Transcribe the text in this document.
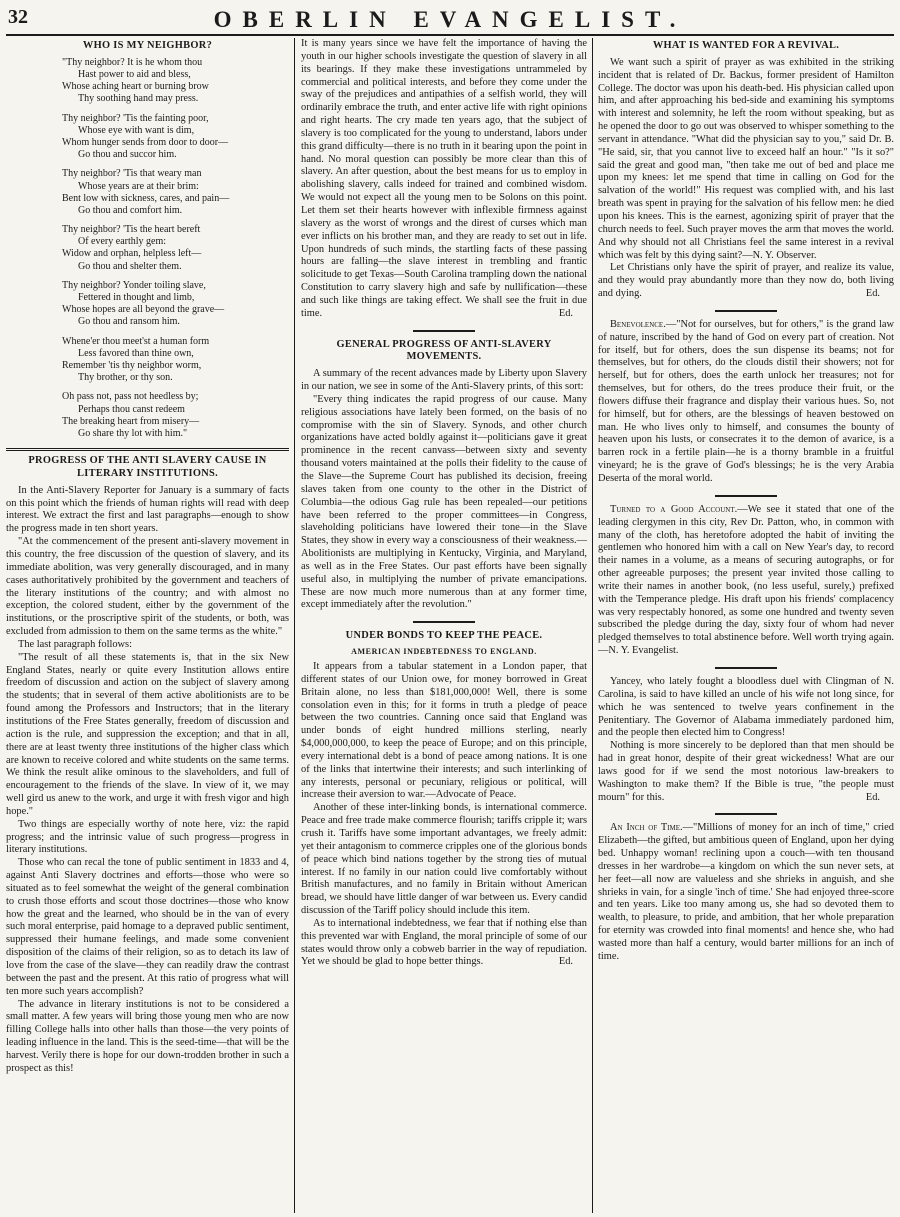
32	OBERLIN EVANGELIST.
WHO IS MY NEIGHBOR?
"Thy neighbor? It is he whom thou
Hast power to aid and bless,
Whose aching heart or burning brow
Thy soothing hand may press.
Thy neighbor? 'Tis the fainting poor,
Whose eye with want is dim,
Whom hunger sends from door to door—
Go thou and succor him.
Thy neighbor? 'Tis that weary man
Whose years are at their brim:
Bent low with sickness, cares, and pain—
Go thou and comfort him.
Thy neighbor? 'Tis the heart bereft
Of every earthly gem:
Widow and orphan, helpless left—
Go thou and shelter them.
Thy neighbor? Yonder toiling slave,
Fettered in thought and limb,
Whose hopes are all beyond the grave—
Go thou and ransom him.
Whene'er thou meet'st a human form
Less favored than thine own,
Remember 'tis thy neighbor worm,
Thy brother, or thy son.
Oh pass not, pass not heedless by;
Perhaps thou canst redeem
The breaking heart from misery—
Go share thy lot with him."
PROGRESS OF THE ANTI SLAVERY CAUSE IN LITERARY INSTITUTIONS.

In the Anti-Slavery Reporter for January is a summary of facts on this point which the friends of human rights will read with deep interest. We extract the first and last paragraphs—enough to show the progress made in ten short years.

"At the commencement of the present anti-slavery movement in this country, the free discussion of the question of slavery, and its immediate abolition, was very generally discouraged, and in many cases authoritatively prohibited by the government and teachers of the literary institutions of the country; and with almost no exception, the colored student, either by the government of the institutions, or the proscriptive spirit of the students, or both, was excluded from admission to them on the same terms as the white."

The last paragraph follows:

"The result of all these statements is, that in the six New England States, nearly or quite every Institution allows entire freedom of discussion and action on the subject of slavery among the students; that in several of them active abolitionists are to be found among the Professors and Instructors; that in the literary institutions of the Free States generally, freedom of discussion and action is the rule, and suppression the exception; and that in all, there are at least twenty three institutions of the higher class which are known to receive colored and white students on the same terms. We think the result alike ominous to the slaveholders, and full of encouragement to the friends of the slave. In view of it, we may well gird us anew to the work, and urge it with fresh vigor and high hope."

Two things are especially worthy of note here, viz: the rapid progress; and the intrinsic value of such progress—progress in literary institutions.

Those who can recal the tone of public sentiment in 1833 and 4, against Anti Slavery doctrines and efforts—those who were so situated as to feel somewhat the weight of the general combination to crush those efforts and scout those doctrines—those who know how the great and the learned, who should be in the van of every such moral enterprise, paid homage to a depraved public sentiment, suppressed their humane feelings, and made some convenient disposition of the claims of their religion, so as to detach its law of love from the case of the slave—they can readily draw the contrast between the past and the present. At this ratio of progress what will ten more such years accomplish?

The advance in literary institutions is not to be considered a small matter. A few years will bring those young men who are now filling College halls into other halls than those—the very points of leading influence in the land. This is the seed-time—that will be the harvest. Verily there is hope for our down-trodden brother in such a prospect as this!

It is many years since we have felt the importance of having the youth in our higher schools investigate the question of slavery in all its bearings. If they make these investigations untrammeled by commercial and political interests, and before they come under the sway of the prejudices and antipathies of a selfish world, they will ordinarily embrace the truth, and enter active life with right opinions and right hearts. The cry made ten years ago, that the subject of slavery is too complicated for the young to understand, labors under this grand difficulty—there is no truth in it bearing upon the point in hand. No moral question can possibly be more clear than this of slavery. An after question, about the best means for us to employ in abolishing slavery, calls indeed for trained and combined wisdom. We would not expect all the young men to be Solons on this point. Let them set their hearts however with inflexible firmness against slavery as the worst of wrongs and the direst of curses which man ever inflicts on his brother man, and they are ready to set out in life. Upon hundreds of such minds, the startling facts of these passing hours are falling—the slave interest in trembling and frantic solicitude to get Texas—South Carolina trampling down the national Constitution to carry slavery high and safe by nullification—these and such like things are taking effect. We shall see the fruit in due time.	Ed.

GENERAL PROGRESS OF ANTI-SLAVERY MOVEMENTS.

A summary of the recent advances made by Liberty upon Slavery in our nation, we see in some of the Anti-Slavery prints, of this sort:

"Every thing indicates the rapid progress of our cause. Many religious associations have lately been formed, on the basis of no compromise with the sin of Slavery. Synods, and other church organizations have acted boldly against it—politicians gave it great prominence in the recent canvass—between sixty and seventy thousand voters maintained at the polls their fidelity to the cause of the Slave—the Supreme Court has published its decision, freeing slaves taken from one county to the other in the District of Columbia—the odious Gag rule has been repealed—our petitions have been referred to the proper committees—in Congress, slaveholding politicians have lowered their tone—in the Slave States, they show in every way a consciousness of their weakness.—Abolitionists are multiplying in Kentucky, Virginia, and Maryland, as well as in the Free States. Our past efforts have been signally useful also, in multiplying the number of private emancipations. These are now much more numerous than at any former time, except immediately after the revolution."

UNDER BONDS TO KEEP THE PEACE.
AMERICAN INDEBTEDNESS TO ENGLAND.

It appears from a tabular statement in a London paper, that different states of our Union owe, for money borrowed in Great Britain alone, no less than $181,000,000! Well, there is some consolation even in this; for it forms in truth a pledge of peace between the two countries. Canning once said that England was under bonds of eight hundred millions sterling, nearly $4,000,000,000, to keep the peace of Europe; and on this principle, every international debt is a bond of peace among nations. It is one of the links that intertwine their interests; and such interlinking of any interests, personal or pecuniary, religious or political, will increase their aversion to war.—Advocate of Peace.

Another of these inter-linking bonds, is international commerce. Peace and free trade make commerce flourish; tariffs cripple it; wars crush it. Tariffs have some important advantages, we freely admit: yet their antagonism to commerce cripples one of the glorious bonds of peace which bind nations together by the strong ties of mutual interest. If no family in our nation could live comfortably without British manufactures, and no family in Britain without American bread, we should have little danger of war between us. Every candid discussion of the Tariff policy should include this item.

As to international indebtedness, we fear that if nothing else than this prevented war with England, the moral principle of some of our states would throw only a cobweb barrier in the way of repudiation. Yet we should be glad to hope better things.	Ed.

WHAT IS WANTED FOR A REVIVAL.

We want such a spirit of prayer as was exhibited in the striking incident that is related of Dr. Backus, former president of Hamilton College. The doctor was upon his death-bed. His physician called upon him, and after approaching his bed-side and examining his symptoms with interest and solemnity, he left the room without speaking, but as he opened the door to go out was observed to whisper something to the servant in attendance. "What did the physician say to you," said Dr. B. "He said, sir, that you cannot live to exceed half an hour." "Is it so?" said the great and good man, "then take me out of bed and place me upon my knees: let me spend that time in calling on God for the salvation of the world!" His request was complied with, and his last breath was spent in praying for the salvation of his fellow men: he died upon his knees. This is the earnest, agonizing spirit of prayer that the church needs to feel. Such prayer moves the arm that moves the world. And why should not all Christians feel the same interest in a revival which was felt by this dying saint?—N. Y. Observer.

Let Christians only have the spirit of prayer, and realize its value, and they would pray abundantly more than they now do, both living and dying.	Ed.

Benevolence.—"Not for ourselves, but for others," is the grand law of nature, inscribed by the hand of God on every part of creation. Not for itself, but for others, does the sun dispense its beams; not for themselves, but for others, do the clouds distil their showers; not for herself, but for others, does the earth unlock her treasures; not for themselves, but for others, do the trees produce their fruit, or the flowers diffuse their fragrance and display their various hues. So, not for himself, but for others, are the blessings of heaven bestowed on man. He who lives only to himself, and consumes the bounty of heaven upon his lusts, or consecrates it to the demon of avarice, is a barren rock in a fertile plain—he is a thorny bramble in a fruitful vineyard; he is the grave of God's blessings; he is the very Arabia Deserta of the moral world.

Turned to a Good Account.—We see it stated that one of the leading clergymen in this city, Rev Dr. Patton, who, in common with many of the cloth, has heretofore adopted the habit of inviting the gentlemen who honored him with a call on New Year's day, to record their names in a volume, as a means of securing autographs, or for other agreeable purposes; the present year invited those calling to write their names in another book, (no less useful, surely,) prefixed with the Temperance pledge. His draft upon his friends' complacency was very respectably honored, as some one hundred and twenty seven subscribed the pledge during the day, sixty four of whom had never pledged themselves to total abstinence before. Well worth trying again.—N. Y. Evangelist.

Yancey, who lately fought a bloodless duel with Clingman of N. Carolina, is said to have killed an uncle of his wife not long since, for which he was sentenced to twelve years confinement in the Penitentiary. The Governor of Alabama immediately pardoned him, and the people then elected him to Congress!

Nothing is more sincerely to be deplored than that men should be had in great honor, despite of their great wickedness! What are our laws good for if we send the most notorious law-breakers to Washington to make them? If the Bible is true, "the people must mourn" for this.	Ed.

An Inch of Time.—"Millions of money for an inch of time," cried Elizabeth—the gifted, but ambitious queen of England, upon her dying bed. Unhappy woman! reclining upon a couch—with ten thousand dresses in her wardrobe—a kingdom on which the sun never sets, at her feet—all now are valueless and she shrieks in anguish, and she shrieks in vain, for a single 'inch of time.' She had enjoyed three-score and ten years. Like too many among us, she had so devoted them to wealth, to pleasure, to pride, and ambition, that her whole preparation for eternity was crowded into final moments! and hence she, who had wasted more than half a century, would barter millions for an inch of time.
